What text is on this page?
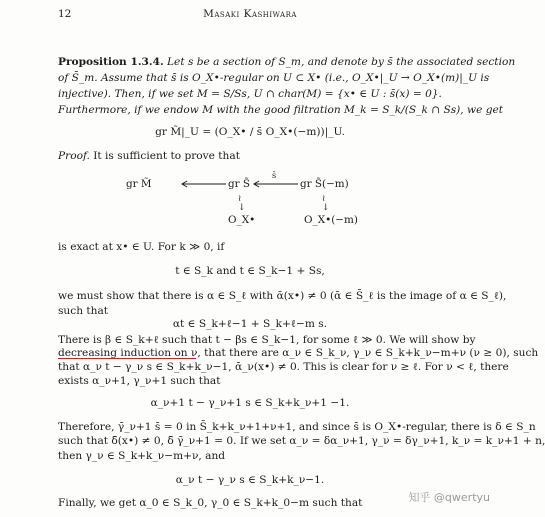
12	Masaki Kashiwara
Proposition 1.3.4. Let s be a section of S_m, and denote by s̄ the associated section
of S̄_m. Assume that s̄ is O_X•-regular on U ⊂ X• (i.e., O_X•|_U → O_X•(m)|_U is
injective). Then, if we set M = S/Ss, U ∩ char(M) = {x• ∈ U : s̄(x) = 0}.
Furthermore, if we endow M with the good filtration M_k = S_k/(S_k ∩ Ss), we get
gr M̃|_U = (O_X• / s̄ O_X•(−m))|_U.
Proof. It is sufficient to prove that
gr M̃	gr S̃	gr S̃(−m)
s̄
≀↓
≀↓
O_X•	O_X•(−m)
is exact at x• ∈ U. For k ≫ 0, if
t ∈ S_k and t ∈ S_k−1 + Ss,
we must show that there is α ∈ S_ℓ with ᾱ(x•) ≠ 0 (ᾱ ∈ S̄_ℓ is the image of α ∈ S_ℓ),
such that
αt ∈ S_k+ℓ−1 + S_k+ℓ−m s.
There is β ∈ S_k+ℓ such that t − βs ∈ S_k−1, for some ℓ ≫ 0. We will show by
decreasing induction on ν, that there are α_ν ∈ S_k_ν, γ_ν ∈ S_k+k_ν−m+ν (ν ≥ 0), such
that α_ν t − γ_ν s ∈ S_k+k_ν−1, ᾱ_ν(x•) ≠ 0. This is clear for ν ≥ ℓ. For ν < ℓ, there
exists α_ν+1, γ_ν+1 such that
α_ν+1 t − γ_ν+1 s ∈ S_k+k_ν+1 −1.
Therefore, γ̄_ν+1 s̄ = 0 in S̄_k+k_ν+1+ν+1, and since s̄ is O_X•-regular, there is δ ∈ S_n
such that δ̄(x•) ≠ 0, δ̄ γ̄_ν+1 = 0. If we set α_ν = δα_ν+1, γ_ν = δγ_ν+1, k_ν = k_ν+1 + n,
then γ_ν ∈ S_k+k_ν−m+ν, and
α_ν t − γ_ν s ∈ S_k+k_ν−1.
Finally, we get α_0 ∈ S_k_0, γ_0 ∈ S_k+k_0−m such that	知乎 @qwertyu
